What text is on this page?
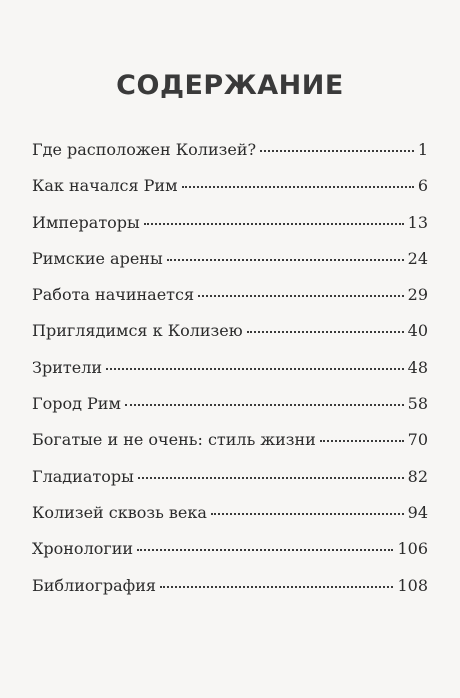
СОДЕРЖАНИЕ
Где расположен Колизей?	1
Как начался Рим	6
Императоры	13
Римские арены	24
Работа начинается	29
Приглядимся к Колизею	40
Зрители	48
Город Рим	58
Богатые и не очень: стиль жизни	70
Гладиаторы	82
Колизей сквозь века	94
Хронологии	106
Библиография	108
